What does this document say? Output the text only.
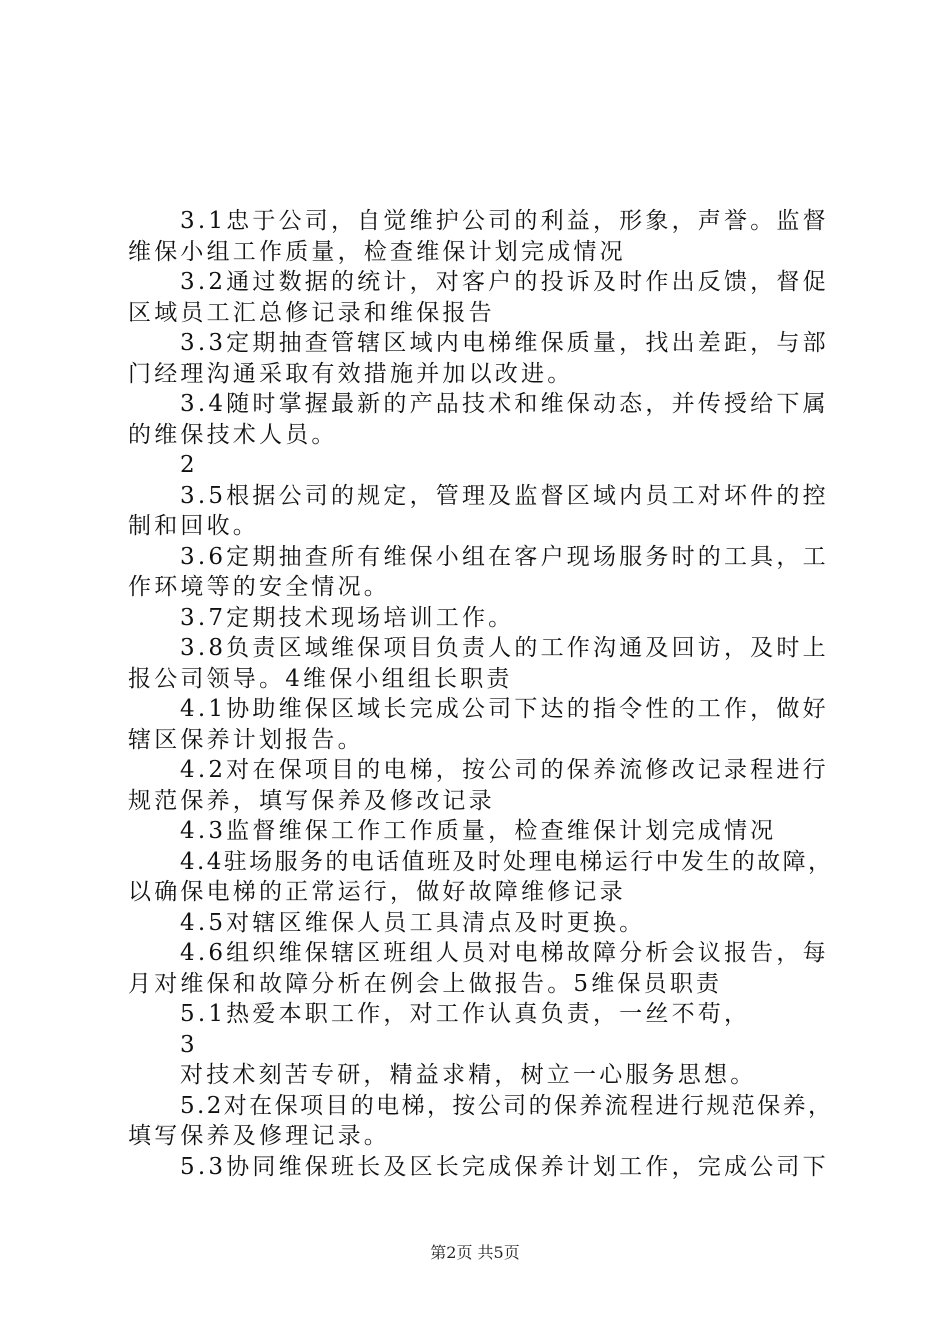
3.1忠于公司，自觉维护公司的利益，形象，声誉。监督
维保小组工作质量，检查维保计划完成情况
3.2通过数据的统计，对客户的投诉及时作出反馈，督促
区域员工汇总修记录和维保报告
3.3定期抽查管辖区域内电梯维保质量，找出差距，与部
门经理沟通采取有效措施并加以改进。
3.4随时掌握最新的产品技术和维保动态，并传授给下属
的维保技术人员。
2
3.5根据公司的规定，管理及监督区域内员工对坏件的控
制和回收。
3.6定期抽查所有维保小组在客户现场服务时的工具，工
作环境等的安全情况。
3.7定期技术现场培训工作。
3.8负责区域维保项目负责人的工作沟通及回访，及时上
报公司领导。4维保小组组长职责
4.1协助维保区域长完成公司下达的指令性的工作，做好
辖区保养计划报告。
4.2对在保项目的电梯，按公司的保养流修改记录程进行
规范保养，填写保养及修改记录
4.3监督维保工作工作质量，检查维保计划完成情况
4.4驻场服务的电话值班及时处理电梯运行中发生的故障，
以确保电梯的正常运行，做好故障维修记录
4.5对辖区维保人员工具清点及时更换。
4.6组织维保辖区班组人员对电梯故障分析会议报告，每
月对维保和故障分析在例会上做报告。5维保员职责
5.1热爱本职工作，对工作认真负责，一丝不苟，
3
对技术刻苦专研，精益求精，树立一心服务思想。
5.2对在保项目的电梯，按公司的保养流程进行规范保养，
填写保养及修理记录。
5.3协同维保班长及区长完成保养计划工作，完成公司下
第2页 共5页
